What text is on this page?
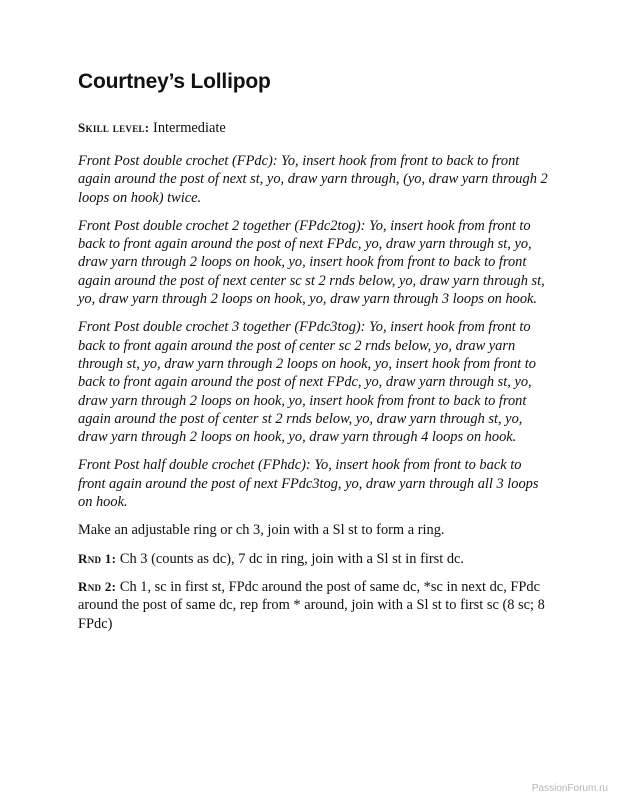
Courtney’s Lollipop

Skill level: Intermediate

Front Post double crochet (FPdc): Yo, insert hook from front to back to front again around the post of next st, yo, draw yarn through, (yo, draw yarn through 2 loops on hook) twice.

Front Post double crochet 2 together (FPdc2tog): Yo, insert hook from front to back to front again around the post of next FPdc, yo, draw yarn through st, yo, draw yarn through 2 loops on hook, yo, insert hook from front to back to front again around the post of next center sc st 2 rnds below, yo, draw yarn through st, yo, draw yarn through 2 loops on hook, yo, draw yarn through 3 loops on hook.

Front Post double crochet 3 together (FPdc3tog): Yo, insert hook from front to back to front again around the post of center sc 2 rnds below, yo, draw yarn through st, yo, draw yarn through 2 loops on hook, yo, insert hook from front to back to front again around the post of next FPdc, yo, draw yarn through st, yo, draw yarn through 2 loops on hook, yo, insert hook from front to back to front again around the post of center st 2 rnds below, yo, draw yarn through st, yo, draw yarn through 2 loops on hook, yo, draw yarn through 4 loops on hook.

Front Post half double crochet (FPhdc): Yo, insert hook from front to back to front again around the post of next FPdc3tog, yo, draw yarn through all 3 loops on hook.

Make an adjustable ring or ch 3, join with a Sl st to form a ring.

Rnd 1: Ch 3 (counts as dc), 7 dc in ring, join with a Sl st in first dc.

Rnd 2: Ch 1, sc in first st, FPdc around the post of same dc, *sc in next dc, FPdc around the post of same dc, rep from * around, join with a Sl st to first sc (8 sc; 8 FPdc)

PassionForum.ru
